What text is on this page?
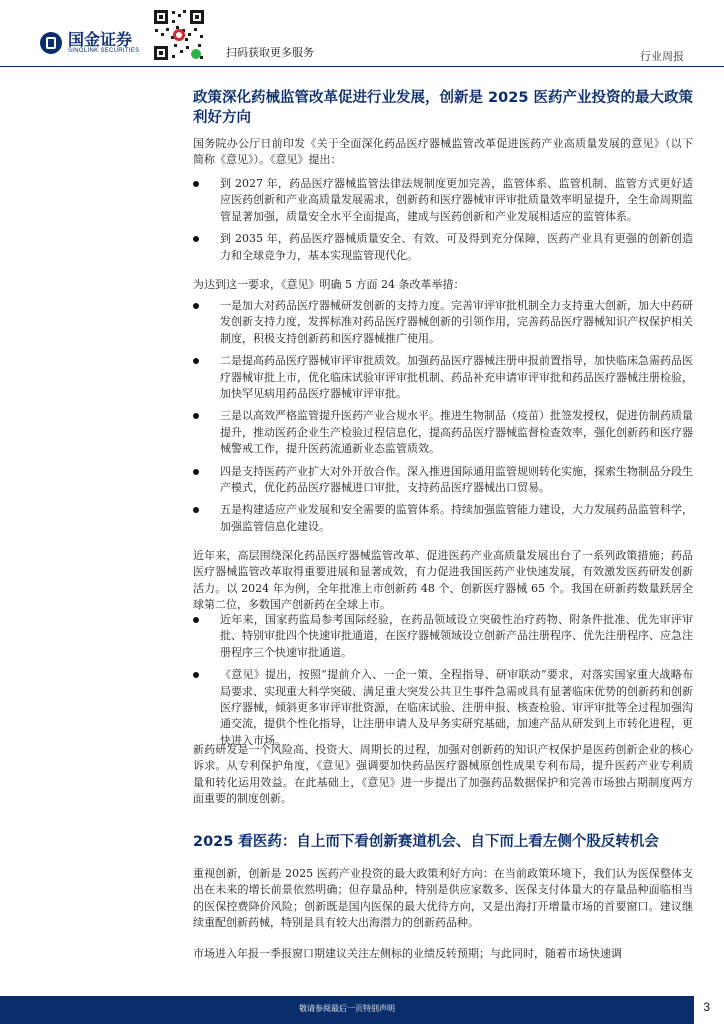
国金证券
SINOLINK SECURITIES	扫码获取更多服务	行业周报
政策深化药械监管改革促进行业发展，创新是 2025 医药产业投资的最大政策利好方向
国务院办公厅日前印发《关于全面深化药品医疗器械监管改革促进医药产业高质量发展的意见》（以下简称《意见》）。《意见》提出：
到 2027 年，药品医疗器械监管法律法规制度更加完善，监管体系、监管机制、监管方式更好适应医药创新和产业高质量发展需求，创新药和医疗器械审评审批质量效率明显提升，全生命周期监管显著加强，质量安全水平全面提高，建成与医药创新和产业发展相适应的监管体系。
到 2035 年，药品医疗器械质量安全、有效、可及得到充分保障，医药产业具有更强的创新创造力和全球竞争力，基本实现监管现代化。
为达到这一要求，《意见》明确 5 方面 24 条改革举措：
一是加大对药品医疗器械研发创新的支持力度。完善审评审批机制全力支持重大创新，加大中药研发创新支持力度，发挥标准对药品医疗器械创新的引领作用，完善药品医疗器械知识产权保护相关制度，积极支持创新药和医疗器械推广使用。
二是提高药品医疗器械审评审批质效。加强药品医疗器械注册申报前置指导，加快临床急需药品医疗器械审批上市，优化临床试验审评审批机制、药品补充申请审评审批和药品医疗器械注册检验，加快罕见病用药品医疗器械审评审批。
三是以高效严格监管提升医药产业合规水平。推进生物制品（疫苗）批签发授权，促进仿制药质量提升，推动医药企业生产检验过程信息化，提高药品医疗器械监督检查效率，强化创新药和医疗器械警戒工作，提升医药流通新业态监管质效。
四是支持医药产业扩大对外开放合作。深入推进国际通用监管规则转化实施，探索生物制品分段生产模式，优化药品医疗器械进口审批，支持药品医疗器械出口贸易。
五是构建适应产业发展和安全需要的监管体系。持续加强监管能力建设，大力发展药品监管科学，加强监管信息化建设。
近年来，高层围绕深化药品医疗器械监管改革、促进医药产业高质量发展出台了一系列政策措施；药品医疗器械监管改革取得重要进展和显著成效，有力促进我国医药产业快速发展，有效激发医药研发创新活力。以 2024 年为例，全年批准上市创新药 48 个、创新医疗器械 65 个。我国在研新药数量跃居全球第二位，多数国产创新药在全球上市。
近年来，国家药监局参考国际经验，在药品领域设立突破性治疗药物、附条件批准、优先审评审批、特别审批四个快速审批通道，在医疗器械领域设立创新产品注册程序、优先注册程序、应急注册程序三个快速审批通道。
《意见》提出，按照“提前介入、一企一策、全程指导、研审联动”要求，对落实国家重大战略布局要求、实现重大科学突破、满足重大突发公共卫生事件急需或具有显著临床优势的创新药和创新医疗器械，倾斜更多审评审批资源，在临床试验、注册申报、核查检验、审评审批等全过程加强沟通交流，提供个性化指导，让注册申请人及早务实研究基础，加速产品从研发到上市转化进程，更快进入市场。
新药研发是一个风险高、投资大、周期长的过程，加强对创新药的知识产权保护是医药创新企业的核心诉求。从专利保护角度，《意见》强调要加快药品医疗器械原创性成果专利布局，提升医药产业专利质量和转化运用效益。在此基础上，《意见》进一步提出了加强药品数据保护和完善市场独占期制度两方面重要的制度创新。
2025 看医药：自上而下看创新赛道机会、自下而上看左侧个股反转机会
重视创新，创新是 2025 医药产业投资的最大政策利好方向：在当前政策环境下，我们认为医保整体支出在未来的增长前景依然明确；但存量品种，特别是供应家数多、医保支付体量大的存量品种面临相当的医保控费降价风险；创新既是国内医保的最大优待方向，又是出海打开增量市场的首要窗口。建议继续重配创新药械，特别是具有较大出海潜力的创新药品种。
市场进入年报一季报窗口期建议关注左侧标的业绩反转预期；与此同时，随着市场快速调
敬请参阅最后一页特别声明	3
